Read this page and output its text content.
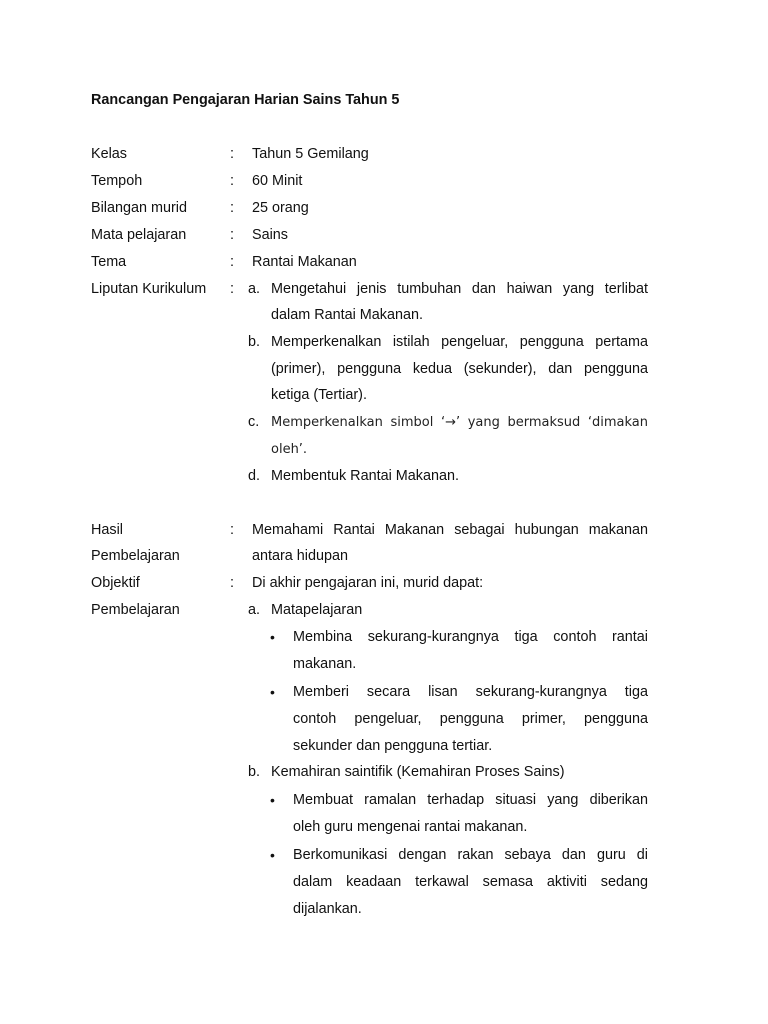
Rancangan Pengajaran Harian Sains Tahun 5
Kelas	: Tahun 5 Gemilang
Tempoh	: 60 Minit
Bilangan murid	: 25 orang
Mata pelajaran	: Sains
Tema	: Rantai Makanan
Liputan Kurikulum : a. Mengetahui jenis tumbuhan dan haiwan yang terlibat
dalam Rantai Makanan.
b. Memperkenalkan istilah pengeluar, pengguna pertama
(primer), pengguna kedua (sekunder), dan pengguna
ketiga (Tertiar).
c. Memperkenalkan simbol ‘→’ yang bermaksud ‘dimakan
oleh’.
d. Membentuk Rantai Makanan.
Hasil
Pembelajaran
: Memahami Rantai Makanan sebagai hubungan makanan
antara hidupan
Objektif
Pembelajaran
: Di akhir pengajaran ini, murid dapat:
a. Matapelajaran
• Membina sekurang-kurangnya tiga contoh rantai
makanan.
• Memberi secara lisan sekurang-kurangnya tiga
contoh pengeluar, pengguna primer, pengguna
sekunder dan pengguna tertiar.
b. Kemahiran saintifik (Kemahiran Proses Sains)
• Membuat ramalan terhadap situasi yang diberikan
oleh guru mengenai rantai makanan.
• Berkomunikasi dengan rakan sebaya dan guru di
dalam keadaan terkawal semasa aktiviti sedang
dijalankan.
